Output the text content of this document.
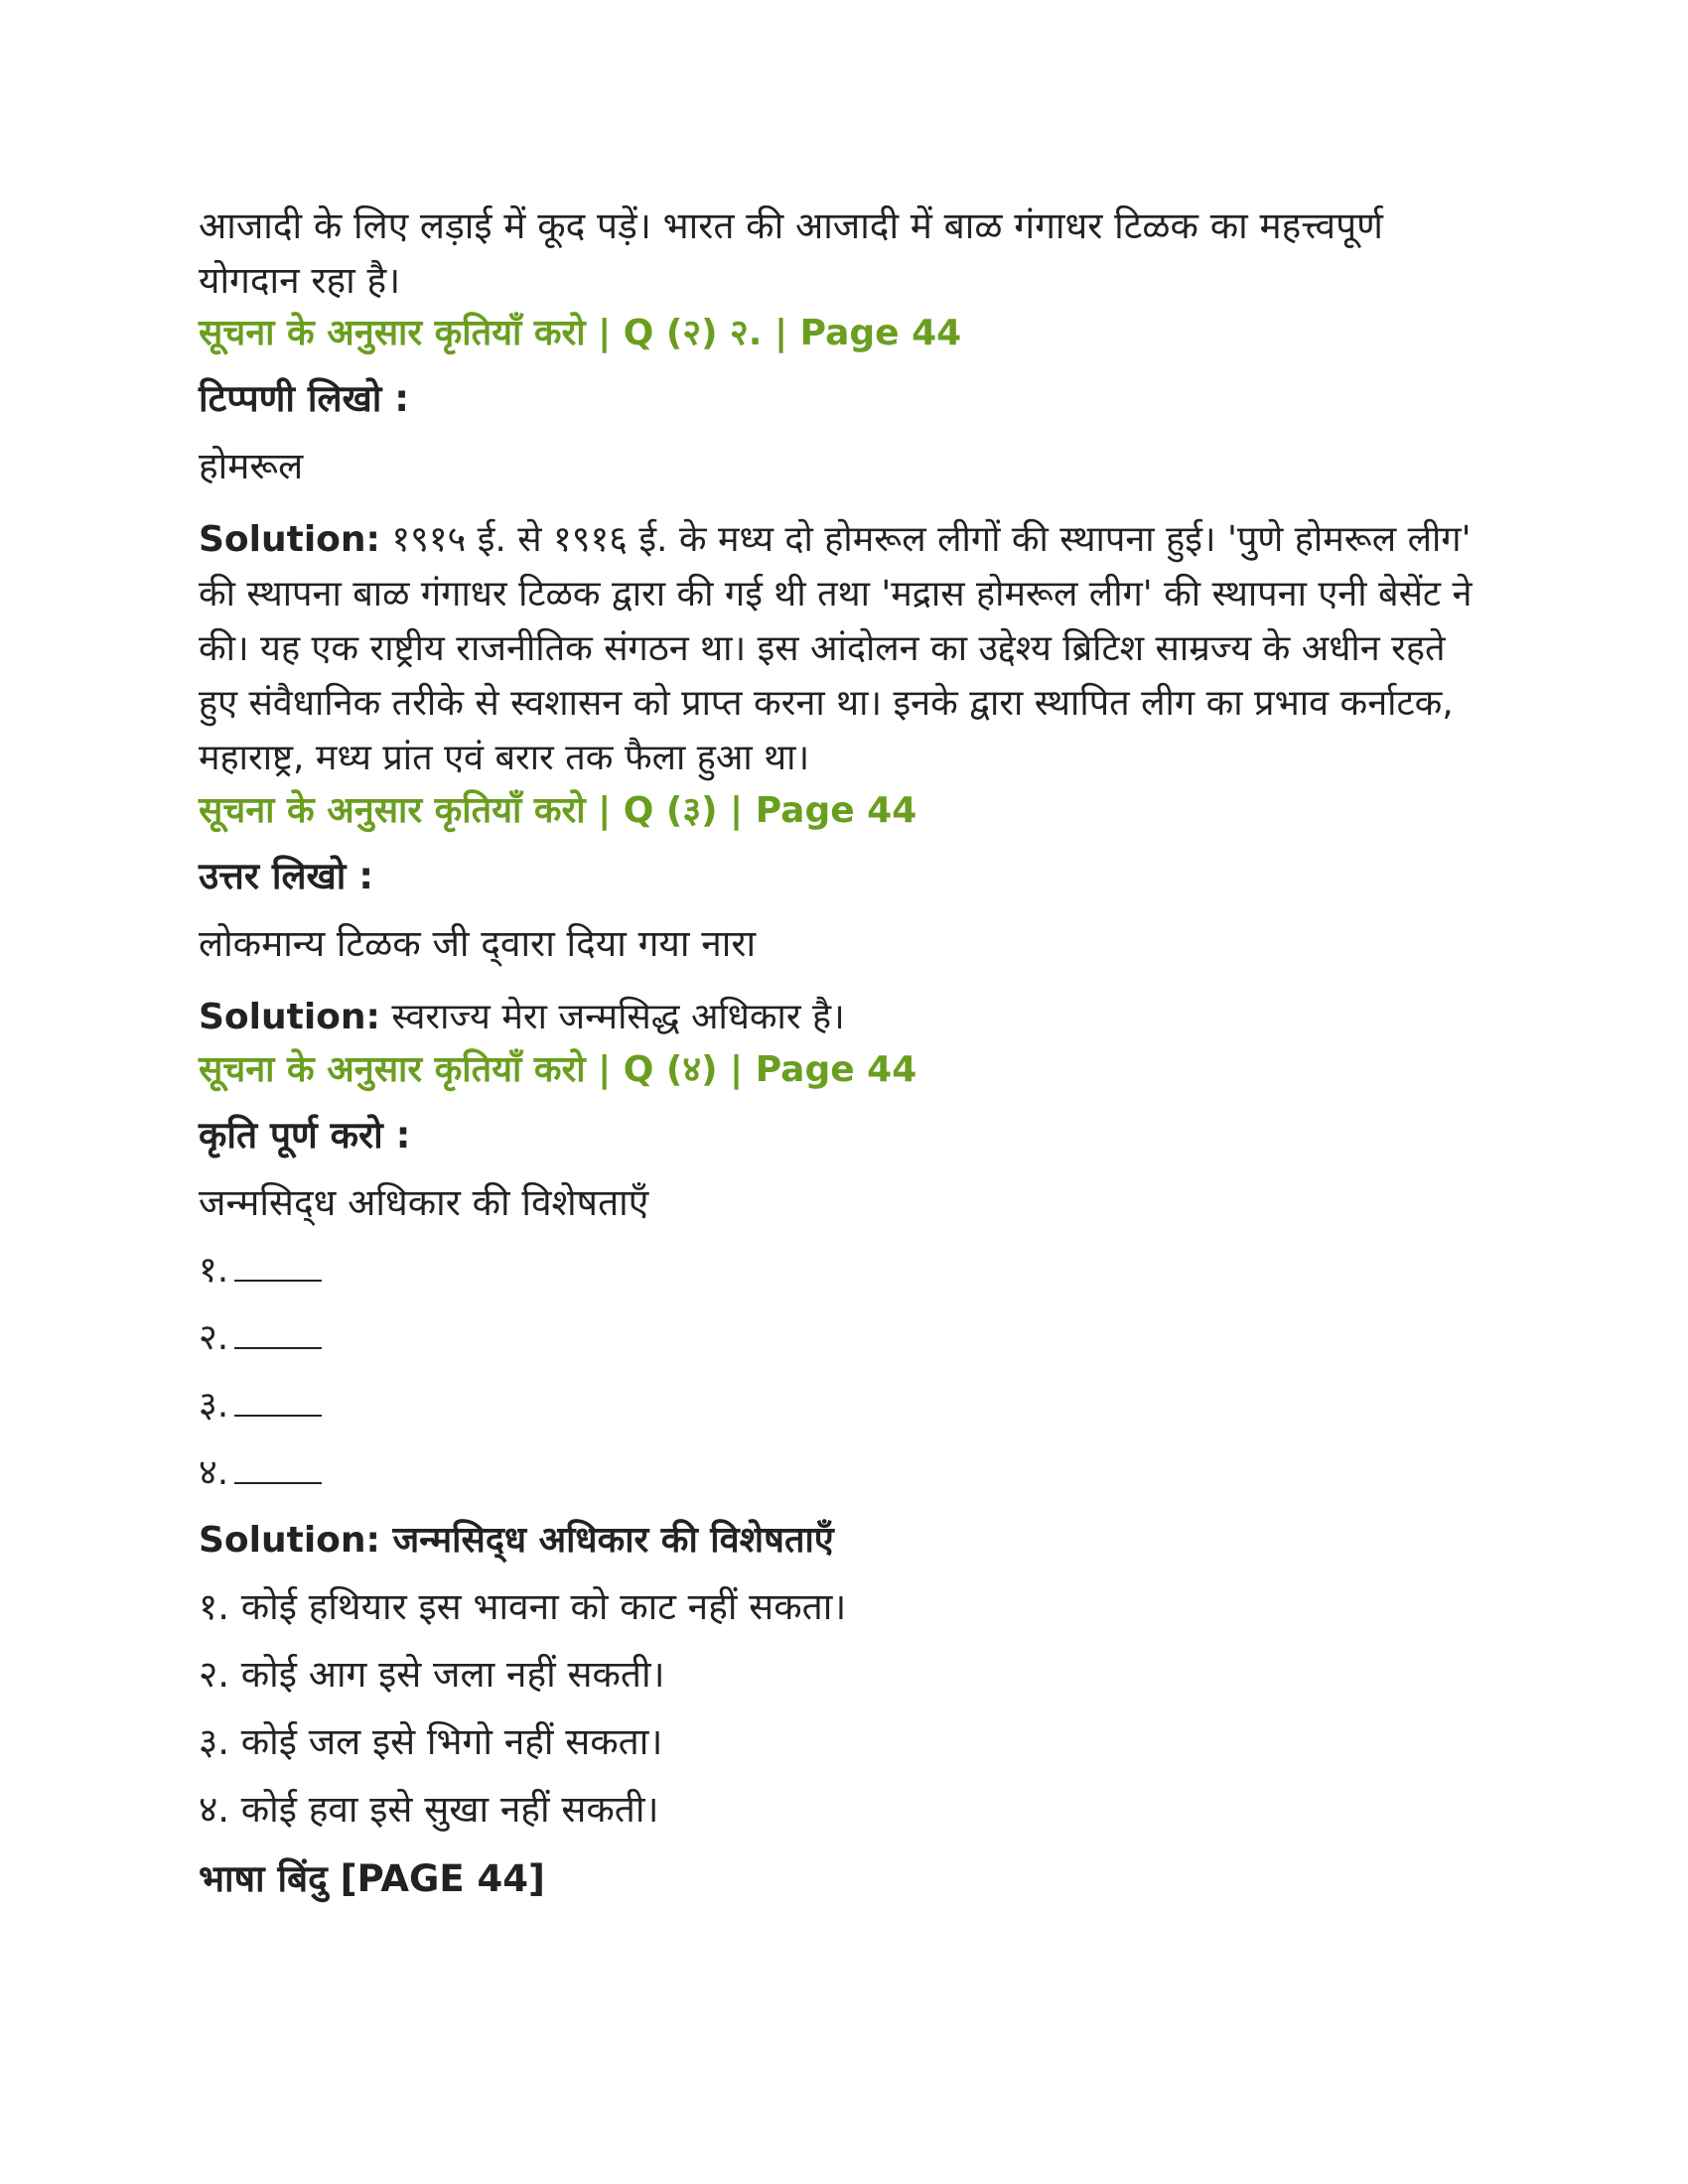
आजादी के लिए लड़ाई में कूद पड़ें। भारत की आजादी में बाळ गंगाधर टिळक का महत्त्वपूर्ण योगदान रहा है।

सूचना के अनुसार कृतियाँ करो | Q (२) २. | Page 44

टिप्पणी लिखो :

होमरूल

Solution: १९१५ ई. से १९१६ ई. के मध्य दो होमरूल लीगों की स्थापना हुई। 'पुणे होमरूल लीग' की स्थापना बाळ गंगाधर टिळक द्वारा की गई थी तथा 'मद्रास होमरूल लीग' की स्थापना एनी बेसेंट ने की। यह एक राष्ट्रीय राजनीतिक संगठन था। इस आंदोलन का उद्देश्य ब्रिटिश साम्रज्य के अधीन रहते हुए संवैधानिक तरीके से स्वशासन को प्राप्त करना था। इनके द्वारा स्थापित लीग का प्रभाव कर्नाटक, महाराष्ट्र, मध्य प्रांत एवं बरार तक फैला हुआ था।

सूचना के अनुसार कृतियाँ करो | Q (३) | Page 44

उत्तर लिखो :

लोकमान्य टिळक जी द्‌वारा दिया गया नारा

Solution: स्वराज्य मेरा जन्मसिद्ध अधिकार है।

सूचना के अनुसार कृतियाँ करो | Q (४) | Page 44

कृति पूर्ण करो :

जन्मसिद्‌ध अधिकार की विशेषताएँ

१.

२.

३.

४.

Solution: जन्मसिद्‌ध अधिकार की विशेषताएँ

१. कोई हथियार इस भावना को काट नहीं सकता।

२. कोई आग इसे जला नहीं सकती।

३. कोई जल इसे भिगो नहीं सकता।

४. कोई हवा इसे सुखा नहीं सकती।

भाषा बिंदु [PAGE 44]
